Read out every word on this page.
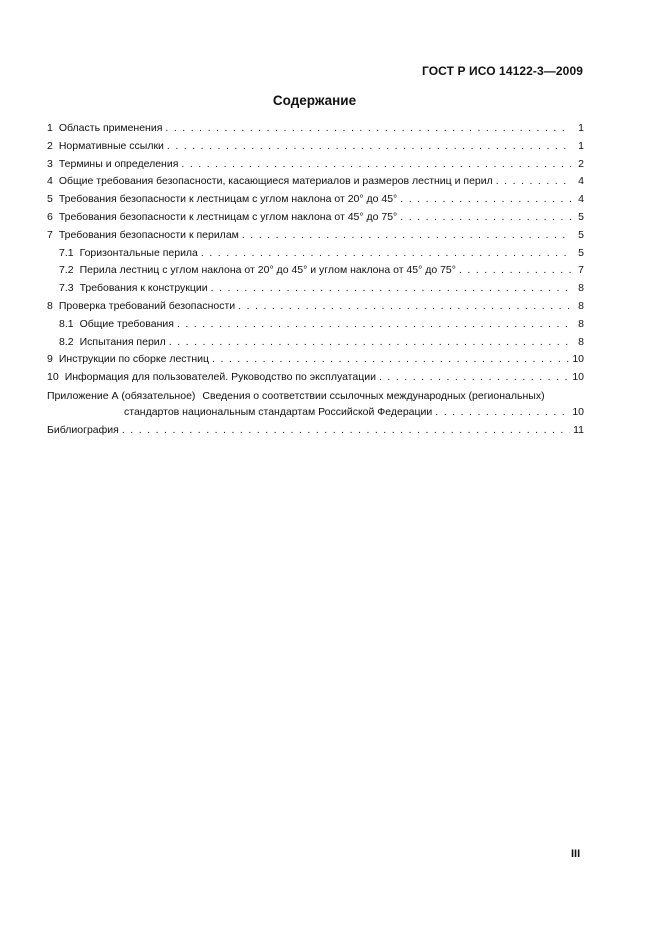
ГОСТ Р ИСО 14122-3—2009
Содержание
1 Область применения . . .	1
2 Нормативные ссылки . . .	1
3 Термины и определения . . .	2
4 Общие требования безопасности, касающиеся материалов и размеров лестниц и перил . . .	4
5 Требования безопасности к лестницам с углом наклона от 20° до 45° . . .	4
6 Требования безопасности к лестницам с углом наклона от 45° до 75° . . .	5
7 Требования безопасности к перилам . . .	5
7.1 Горизонтальные перила . . .	5
7.2 Перила лестниц с углом наклона от 20° до 45° и углом наклона от 45° до 75° . . .	7
7.3 Требования к конструкции . . .	8
8 Проверка требований безопасности . . .	8
8.1 Общие требования . . .	8
8.2 Испытания перил . . .	8
9 Инструкции по сборке лестниц . . .	10
10 Информация для пользователей. Руководство по эксплуатации . . .	10
Приложение А (обязательное) Сведения о соответствии ссылочных международных (региональных)
стандартов национальным стандартам Российской Федерации . . .	10
Библиография . . .	11
III
